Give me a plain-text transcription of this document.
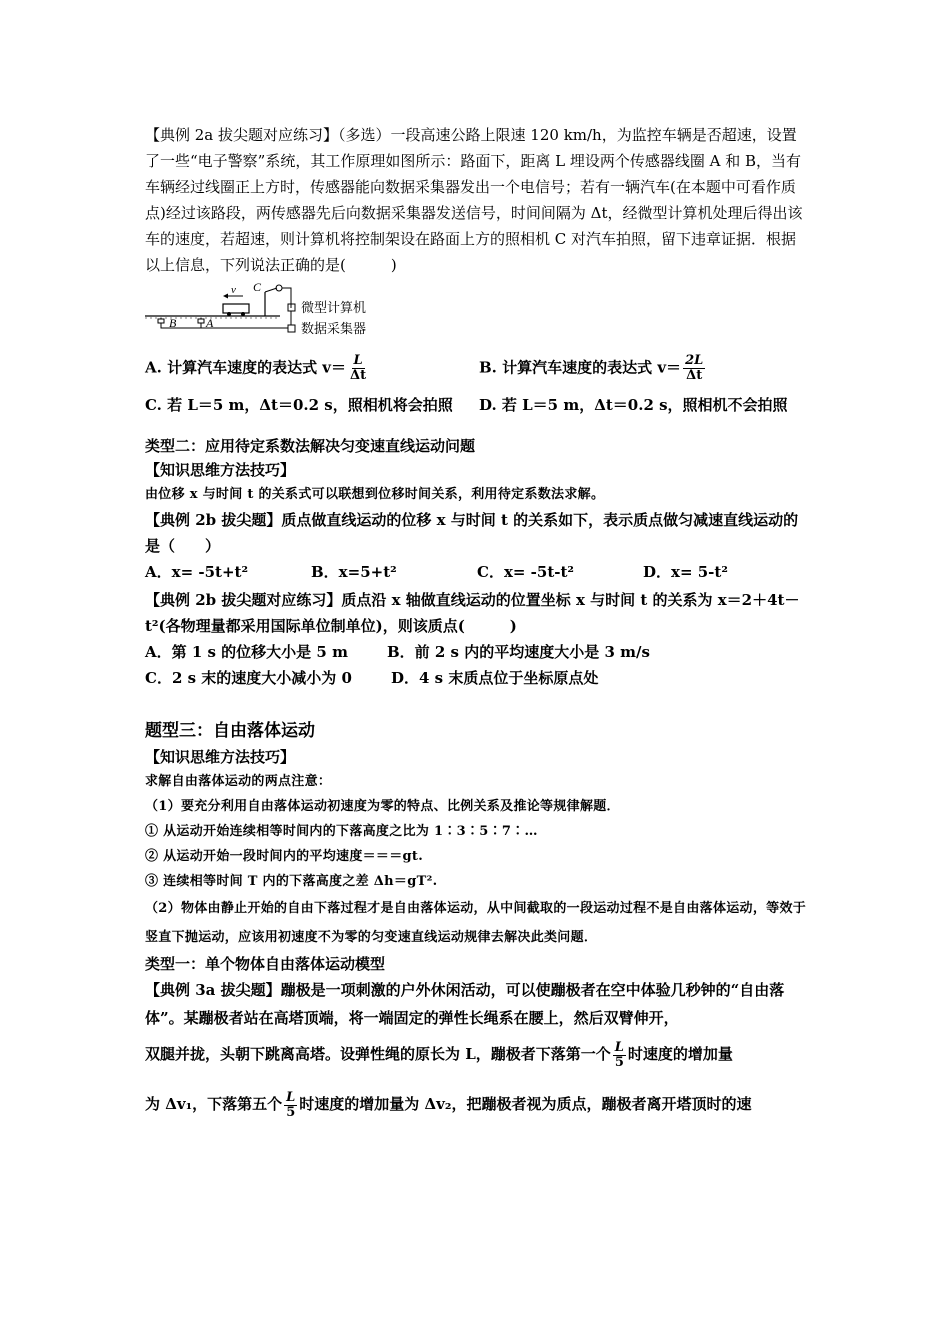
【典例 2a 拔尖题对应练习】（多选）一段高速公路上限速 120 km/h，为监控车辆是否超速，设置了一些“电子警察”系统，其工作原理如图所示：路面下，距离 L 埋设两个传感器线圈 A 和 B，当有车辆经过线圈正上方时，传感器能向数据采集器发出一个电信号；若有一辆汽车(在本题中可看作质点)经过该路段，两传感器先后向数据采集器发送信号，时间间隔为 Δt，经微型计算机处理后得出该车的速度，若超速，则计算机将控制架设在路面上方的照相机 C 对汽车拍照，留下违章证据．根据以上信息，下列说法正确的是(　　　)

v C
微型计算机
数据采集器
B A
A. 计算汽车速度的表达式 $v= \frac{L}{\Delta t}$	B. 计算汽车速度的表达式 $v= \frac{2L}{\Delta t}$
C. 若 L＝5 m，Δt＝0.2 s，照相机将会拍照	D. 若 L＝5 m，Δt＝0.2 s，照相机不会拍照

类型二：应用待定系数法解决匀变速直线运动问题

【知识思维方法技巧】

由位移 x 与时间 t 的关系式可以联想到位移时间关系，利用待定系数法求解。

【典例 2b 拔尖题】质点做直线运动的位移 x 与时间 t 的关系如下，表示质点做匀减速直线运动的是（　　）

A．x= -5t+t²	B．x=5+t²	C．x= -5t-t²	D．x= 5-t²

【典例 2b 拔尖题对应练习】质点沿 x 轴做直线运动的位置坐标 x 与时间 t 的关系为 x＝2＋4t－t²(各物理量都采用国际单位制单位)，则该质点(　　　)

A．第 1 s 的位移大小是 5 m	B．前 2 s 内的平均速度大小是 3 m/s
C．2 s 末的速度大小减小为 0	D．4 s 末质点位于坐标原点处

题型三：自由落体运动

【知识思维方法技巧】

求解自由落体运动的两点注意：

（1）要充分利用自由落体运动初速度为零的特点、比例关系及推论等规律解题．

① 从运动开始连续相等时间内的下落高度之比为 1∶3∶5∶7∶…

② 从运动开始一段时间内的平均速度＝＝＝gt.

③ 连续相等时间 T 内的下落高度之差 Δh＝gT².

（2）物体由静止开始的自由下落过程才是自由落体运动，从中间截取的一段运动过程不是自由落体运动，等效于竖直下抛运动，应该用初速度不为零的匀变速直线运动规律去解决此类问题．

类型一：单个物体自由落体运动模型

【典例 3a 拔尖题】蹦极是一项刺激的户外休闲活动，可以使蹦极者在空中体验几秒钟的“自由落体”。某蹦极者站在高塔顶端，将一端固定的弹性长绳系在腰上，然后双臂伸开，

双腿并拢，头朝下跳离高塔。设弹性绳的原长为 L，蹦极者下落第一个 $\frac{L}{5}$ 时速度的增加量

为 Δv₁，下落第五个 $\frac{L}{5}$ 时速度的增加量为 Δv₂，把蹦极者视为质点，蹦极者离开塔顶时的速
